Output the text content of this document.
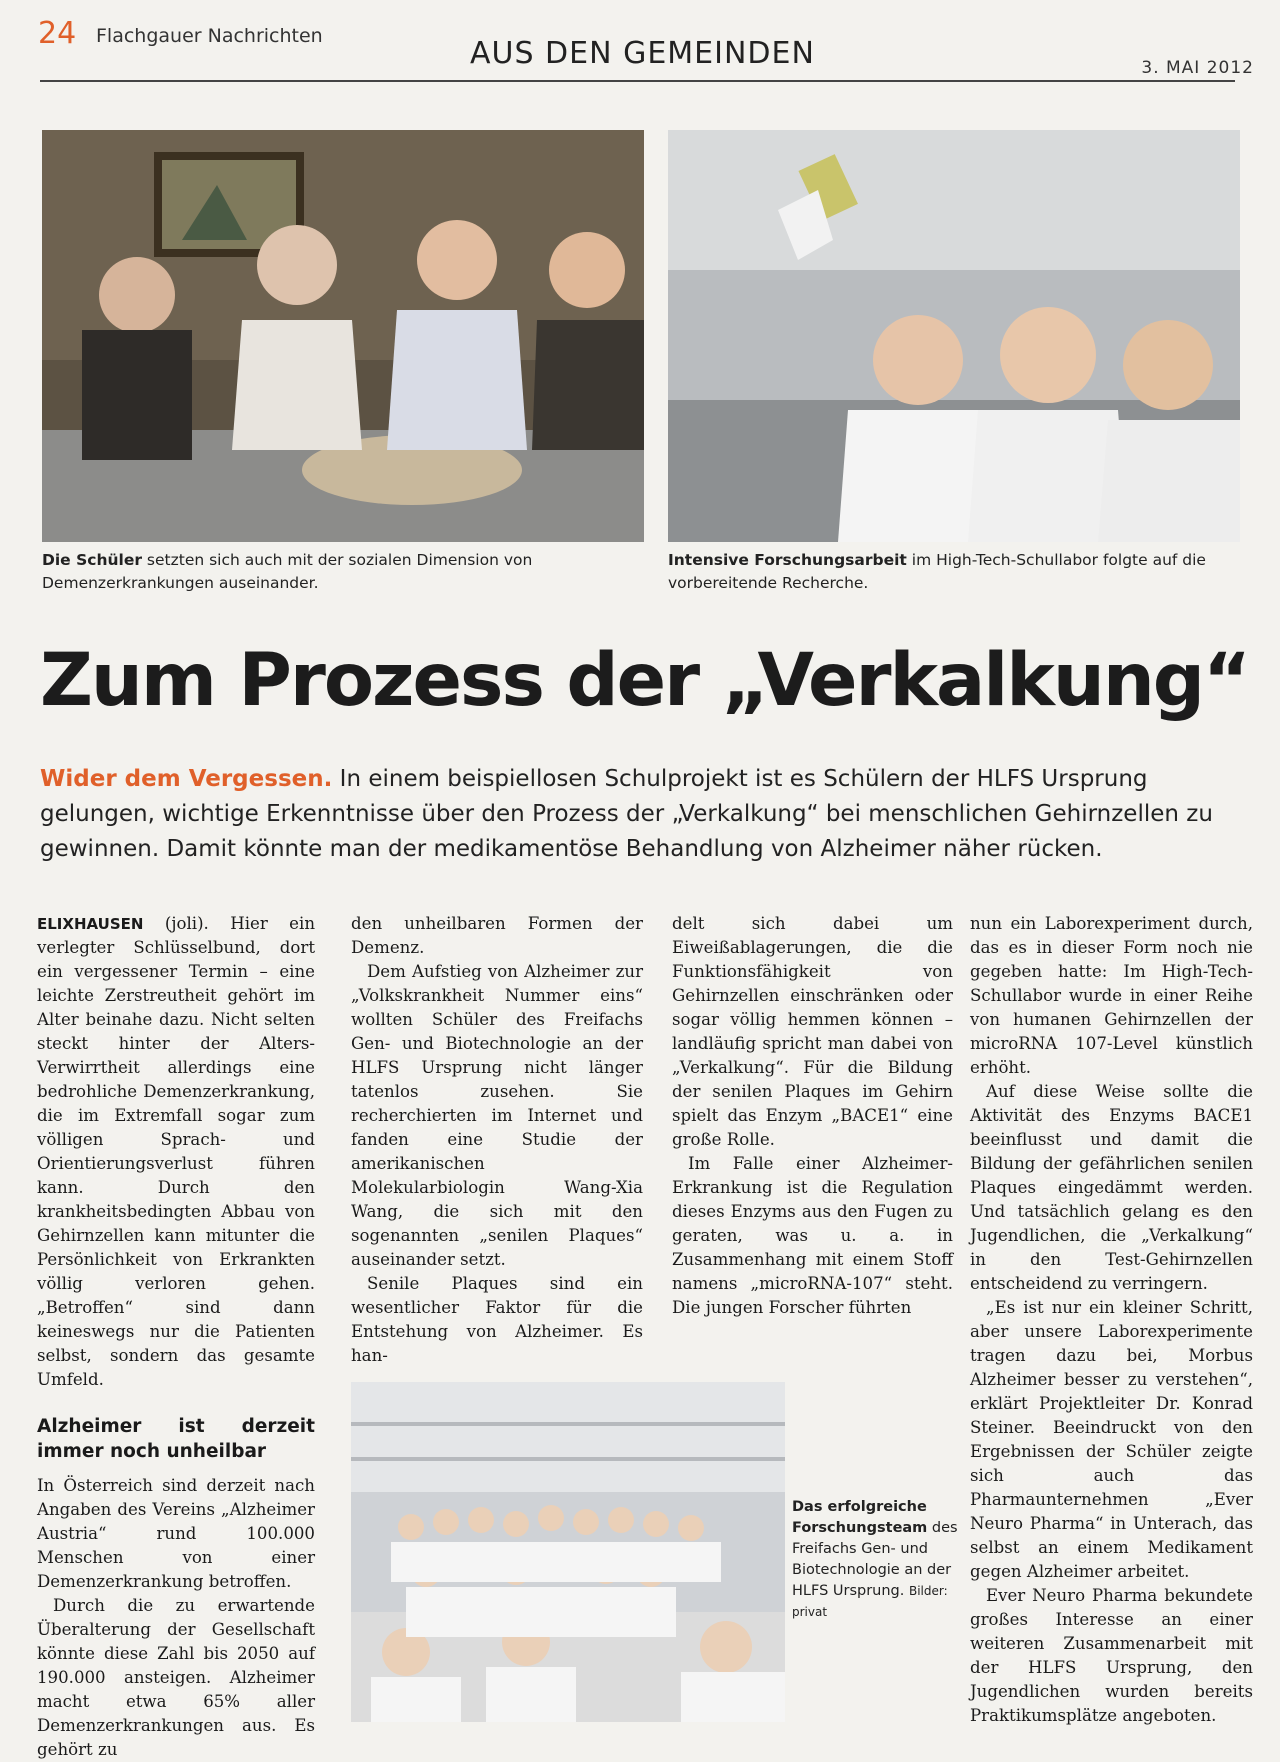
24 Flachgauer Nachrichten	AUS DEN GEMEINDEN	3. MAI 2012
Die Schüler setzten sich auch mit der sozialen Dimension von Demenzerkrankungen auseinander.
Intensive Forschungsarbeit im High-Tech-Schullabor folgte auf die vorbereitende Recherche.
Zum Prozess der „Verkalkung“
Wider dem Vergessen. In einem beispiellosen Schulprojekt ist es Schülern der HLFS Ursprung gelungen, wichtige Erkenntnisse über den Prozess der „Verkalkung“ bei menschlichen Gehirnzellen zu gewinnen. Damit könnte man der medikamentöse Behandlung von Alzheimer näher rücken.

ELIXHAUSEN (joli). Hier ein verlegter Schlüsselbund, dort ein vergessener Termin – eine leichte Zerstreutheit gehört im Alter beinahe dazu. Nicht selten steckt hinter der Alters-Verwirrtheit allerdings eine bedrohliche Demenzerkrankung, die im Extremfall sogar zum völligen Sprach- und Orientierungsverlust führen kann. Durch den krankheitsbedingten Abbau von Gehirnzellen kann mitunter die Persönlichkeit von Erkrankten völlig verloren gehen. „Betroffen“ sind dann keineswegs nur die Patienten selbst, sondern das gesamte Umfeld.

Alzheimer ist derzeit immer noch unheilbar

In Österreich sind derzeit nach Angaben des Vereins „Alzheimer Austria“ rund 100.000 Menschen von einer Demenzerkrankung betroffen.

Durch die zu erwartende Überalterung der Gesellschaft könnte diese Zahl bis 2050 auf 190.000 ansteigen. Alzheimer macht etwa 65% aller Demenzerkrankungen aus. Es gehört zu

den unheilbaren Formen der Demenz.

Dem Aufstieg von Alzheimer zur „Volkskrankheit Nummer eins“ wollten Schüler des Freifachs Gen- und Biotechnologie an der HLFS Ursprung nicht länger tatenlos zusehen. Sie recherchierten im Internet und fanden eine Studie der amerikanischen Molekularbiologin Wang-Xia Wang, die sich mit den sogenannten „senilen Plaques“ auseinander setzt.

Senile Plaques sind ein wesentlicher Faktor für die Entstehung von Alzheimer. Es han-

delt sich dabei um Eiweißablagerungen, die die Funktionsfähigkeit von Gehirnzellen einschränken oder sogar völlig hemmen können – landläufig spricht man dabei von „Verkalkung“. Für die Bildung der senilen Plaques im Gehirn spielt das Enzym „BACE1“ eine große Rolle.

Im Falle einer Alzheimer-Erkrankung ist die Regulation dieses Enzyms aus den Fugen zu geraten, was u. a. in Zusammenhang mit einem Stoff namens „microRNA-107“ steht. Die jungen Forscher führten

nun ein Laborexperiment durch, das es in dieser Form noch nie gegeben hatte: Im High-Tech-Schullabor wurde in einer Reihe von humanen Gehirnzellen der microRNA 107-Level künstlich erhöht.

Auf diese Weise sollte die Aktivität des Enzyms BACE1 beeinflusst und damit die Bildung der gefährlichen senilen Plaques eingedämmt werden. Und tatsächlich gelang es den Jugendlichen, die „Verkalkung“ in den Test-Gehirnzellen entscheidend zu verringern.

„Es ist nur ein kleiner Schritt, aber unsere Laborexperimente tragen dazu bei, Morbus Alzheimer besser zu verstehen“, erklärt Projektleiter Dr. Konrad Steiner. Beeindruckt von den Ergebnissen der Schüler zeigte sich auch das Pharmaunternehmen „Ever Neuro Pharma“ in Unterach, das selbst an einem Medikament gegen Alzheimer arbeitet.

Ever Neuro Pharma bekundete großes Interesse an einer weiteren Zusammenarbeit mit der HLFS Ursprung, den Jugendlichen wurden bereits Praktikumsplätze angeboten.

Das erfolgreiche Forschungsteam des Freifachs Gen- und Biotechnologie an der HLFS Ursprung. Bilder: privat
